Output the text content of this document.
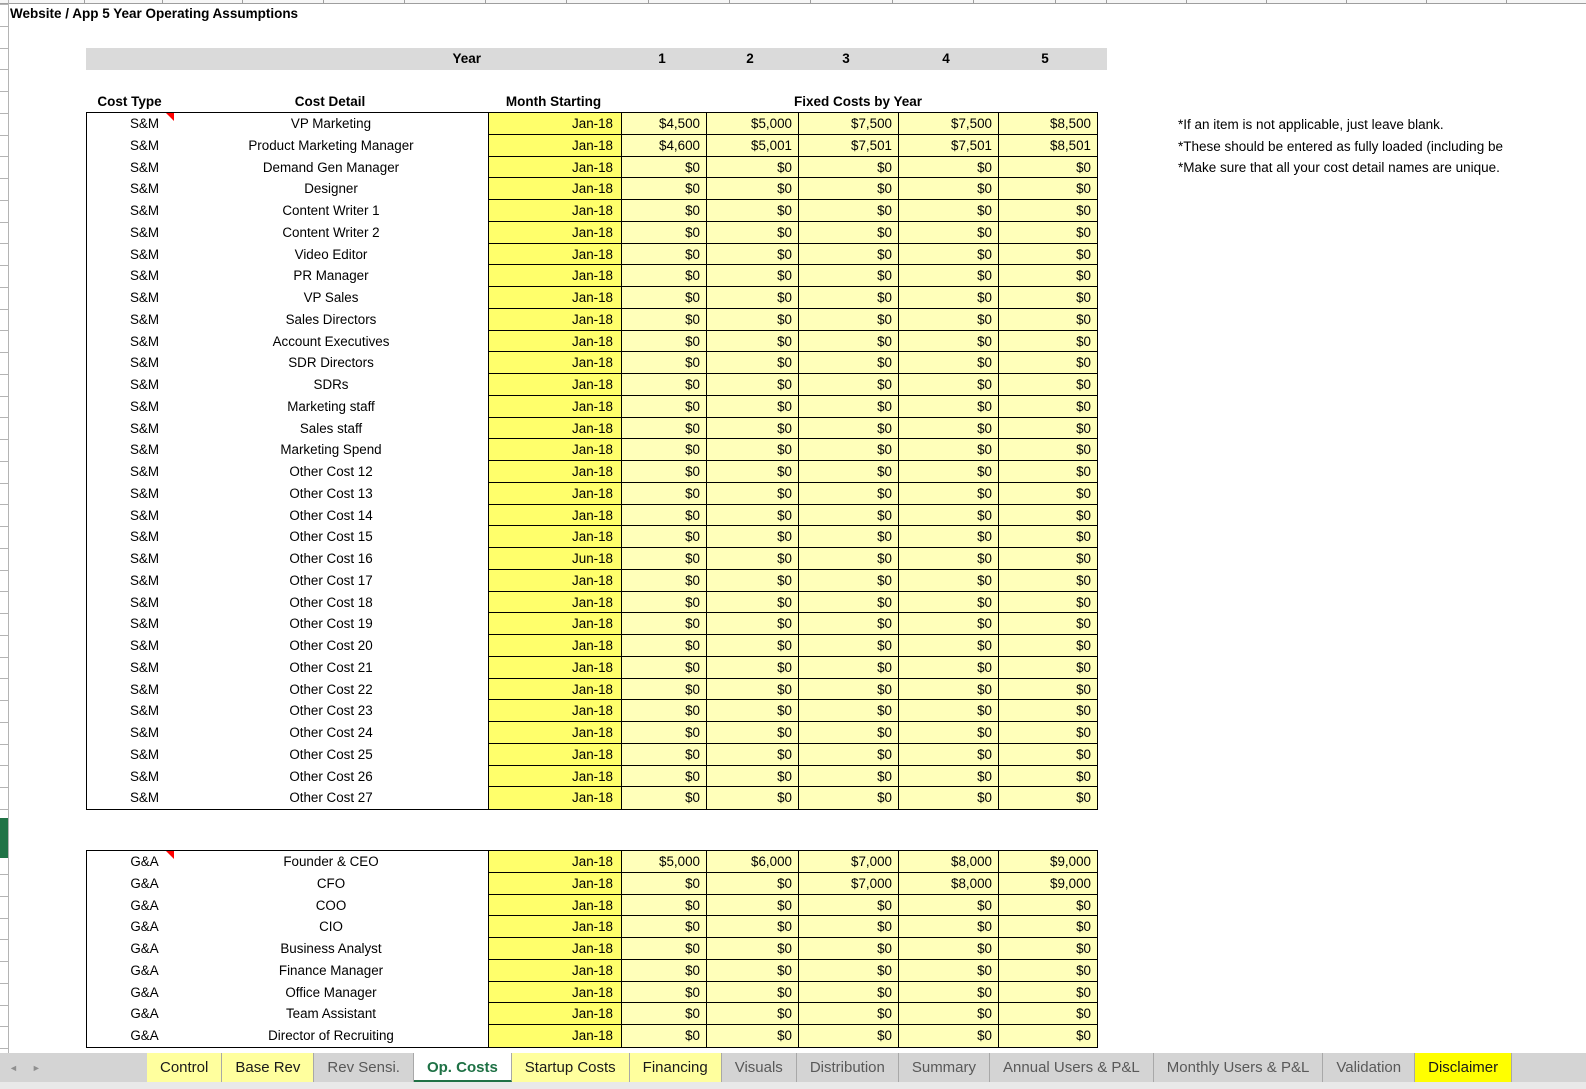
Website / App 5 Year Operating Assumptions
Year	1	2	3	4	5
Cost Type	Cost Detail	Month Starting	Fixed Costs by Year
S&M	VP Marketing	Jan-18	$4,500	$5,000	$7,500	$7,500	$8,500
S&M	Product Marketing Manager	Jan-18	$4,600	$5,001	$7,501	$7,501	$8,501
S&M	Demand Gen Manager	Jan-18	$0	$0	$0	$0	$0
S&M	Designer	Jan-18	$0	$0	$0	$0	$0
S&M	Content Writer 1	Jan-18	$0	$0	$0	$0	$0
S&M	Content Writer 2	Jan-18	$0	$0	$0	$0	$0
S&M	Video Editor	Jan-18	$0	$0	$0	$0	$0
S&M	PR Manager	Jan-18	$0	$0	$0	$0	$0
S&M	VP Sales	Jan-18	$0	$0	$0	$0	$0
S&M	Sales Directors	Jan-18	$0	$0	$0	$0	$0
S&M	Account Executives	Jan-18	$0	$0	$0	$0	$0
S&M	SDR Directors	Jan-18	$0	$0	$0	$0	$0
S&M	SDRs	Jan-18	$0	$0	$0	$0	$0
S&M	Marketing staff	Jan-18	$0	$0	$0	$0	$0
S&M	Sales staff	Jan-18	$0	$0	$0	$0	$0
S&M	Marketing Spend	Jan-18	$0	$0	$0	$0	$0
S&M	Other Cost 12	Jan-18	$0	$0	$0	$0	$0
S&M	Other Cost 13	Jan-18	$0	$0	$0	$0	$0
S&M	Other Cost 14	Jan-18	$0	$0	$0	$0	$0
S&M	Other Cost 15	Jan-18	$0	$0	$0	$0	$0
S&M	Other Cost 16	Jun-18	$0	$0	$0	$0	$0
S&M	Other Cost 17	Jan-18	$0	$0	$0	$0	$0
S&M	Other Cost 18	Jan-18	$0	$0	$0	$0	$0
S&M	Other Cost 19	Jan-18	$0	$0	$0	$0	$0
S&M	Other Cost 20	Jan-18	$0	$0	$0	$0	$0
S&M	Other Cost 21	Jan-18	$0	$0	$0	$0	$0
S&M	Other Cost 22	Jan-18	$0	$0	$0	$0	$0
S&M	Other Cost 23	Jan-18	$0	$0	$0	$0	$0
S&M	Other Cost 24	Jan-18	$0	$0	$0	$0	$0
S&M	Other Cost 25	Jan-18	$0	$0	$0	$0	$0
S&M	Other Cost 26	Jan-18	$0	$0	$0	$0	$0
S&M	Other Cost 27	Jan-18	$0	$0	$0	$0	$0
G&A	Founder & CEO	Jan-18	$5,000	$6,000	$7,000	$8,000	$9,000
G&A	CFO	Jan-18	$0	$0	$7,000	$8,000	$9,000
G&A	COO	Jan-18	$0	$0	$0	$0	$0
G&A	CIO	Jan-18	$0	$0	$0	$0	$0
G&A	Business Analyst	Jan-18	$0	$0	$0	$0	$0
G&A	Finance Manager	Jan-18	$0	$0	$0	$0	$0
G&A	Office Manager	Jan-18	$0	$0	$0	$0	$0
G&A	Team Assistant	Jan-18	$0	$0	$0	$0	$0
G&A	Director of Recruiting	Jan-18	$0	$0	$0	$0	$0
*If an item is not applicable, just leave blank.
*These should be entered as fully loaded (including be
*Make sure that all your cost detail names are unique.
◄ ►	Control	Base Rev	Rev Sensi.	Op. Costs	Startup Costs	Financing	Visuals	Distribution	Summary	Annual Users & P&L	Monthly Users & P&L	Validation	Disclaimer
